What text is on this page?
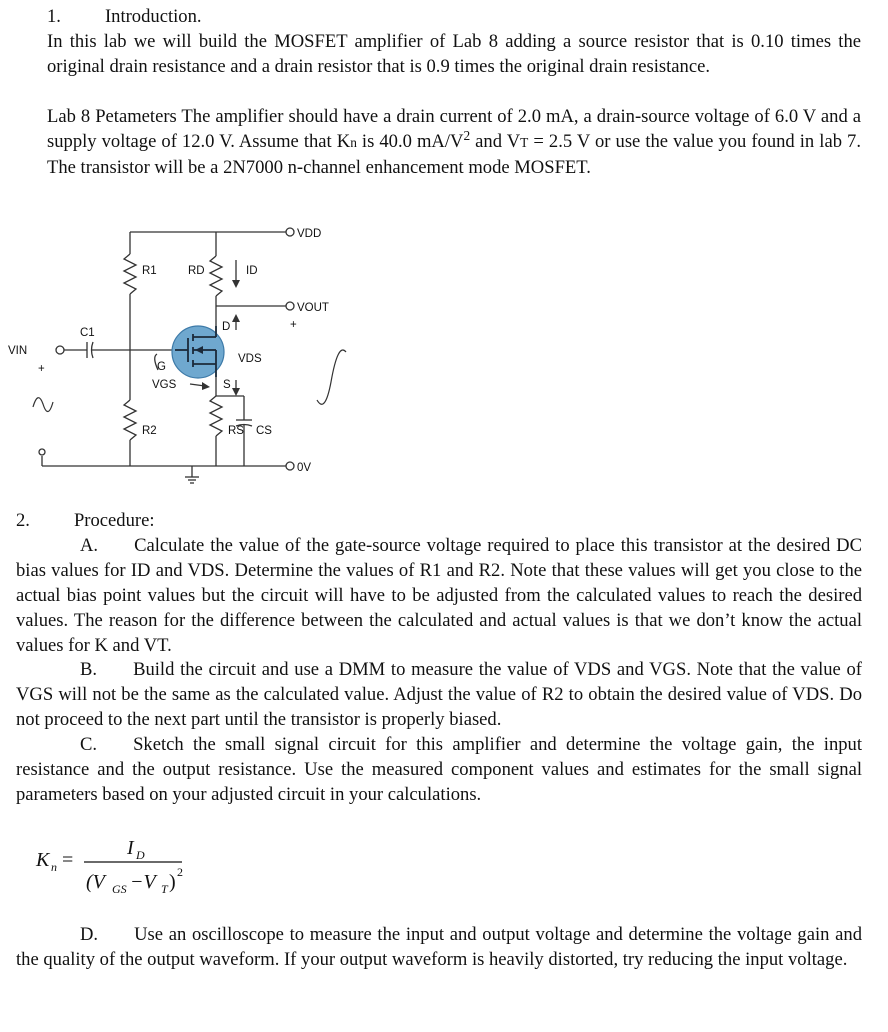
1. Introduction.
In this lab we will build the MOSFET amplifier of Lab 8 adding a source resistor that is 0.10 times the original drain resistance and a drain resistor that is 0.9 times the original drain resistance.
Lab 8 Petameters The amplifier should have a drain current of 2.0 mA, a drain-source voltage of 6.0 V and a supply voltage of 12.0 V. Assume that Kn is 40.0 $mA/V^2$ and VT = 2.5 V or use the value you found in lab 7. The transistor will be a 2N7000 n-channel enhancement mode MOSFET.
VDD
VOUT
+
VIN
+
R1
R2
RD
RS
C1
CS
ID
VDS
VGS
D
G
S
0V
2. Procedure:
A. Calculate the value of the gate-source voltage required to place this transistor at the desired DC bias values for ID and VDS. Determine the values of R1 and R2. Note that these values will get you close to the actual bias point values but the circuit will have to be adjusted from the calculated values to reach the desired values. The reason for the difference between the calculated and actual values is that we don’t know the actual values for K and VT.
B. Build the circuit and use a DMM to measure the value of VDS and VGS. Note that the value of VGS will not be the same as the calculated value. Adjust the value of R2 to obtain the desired value of VDS. Do not proceed to the next part until the transistor is properly biased.
C. Sketch the small signal circuit for this amplifier and determine the voltage gain, the input resistance and the output resistance. Use the measured component values and estimates for the small signal parameters based on your adjusted circuit in your calculations.
K n =
I D
(V GS −V T ) 2
D. Use an oscilloscope to measure the input and output voltage and determine the voltage gain and the quality of the output waveform. If your output waveform is heavily distorted, try reducing the input voltage.
